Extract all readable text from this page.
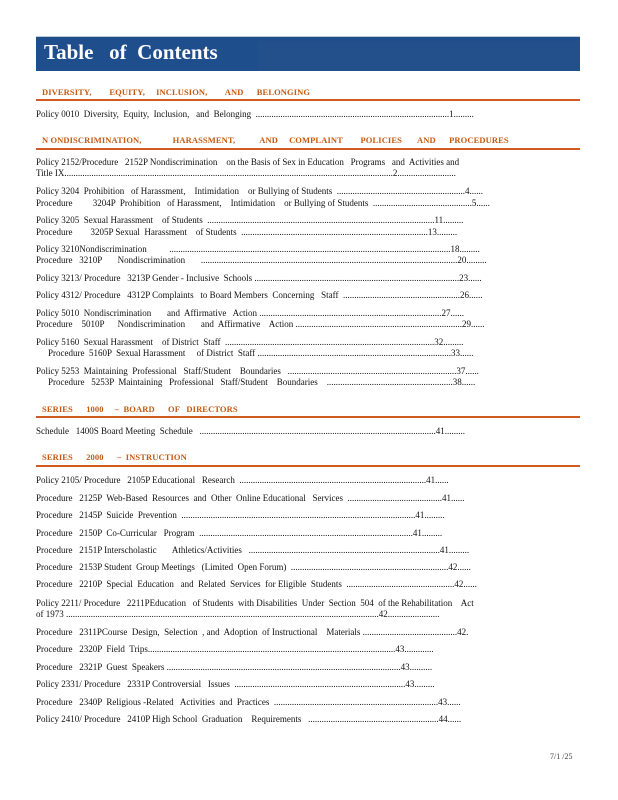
Table   of  Contents
DIVERSITY,        EQUITY,     INCLUSION,        AND      BELONGING
Policy 0010  Diversity,  Equity,  Inclusion,   and  Belonging  ......................................................................................1.........
N ONDISCRIMINATION,              HARASSMENT,           AND     COMPLAINT        POLICIES       AND      PROCEDURES
Policy 2152/Procedure   2152P Nondiscrimination    on the Basis of Sex in Education   Programs   and  Activities and
Title IX..................................................................................................................................................2..........................
Policy 3204  Prohibition   of Harassment,    Intimidation    or Bullying of Students  .........................................................4......
Procedure         3204P  Prohibition   of Harassment,    Intimidation    or Bullying of Students  ............................................5......
Policy 3205  Sexual Harassment    of Students  .....................................................................................................11.........
Procedure        3205P Sexual  Harassment    of Students  ...................................................................................13.........
Policy 3210Nondiscrimination          .............................................................................................................................18.........
Procedure   3210P       Nondiscrimination       ..................................................................................................................20.........
Policy 3213/ Procedure   3213P Gender - Inclusive  Schools ...........................................................................................23......
Policy 4312/ Procedure   4312P Complaints   to Board Members  Concerning   Staff  ....................................................26......
Policy 5010  Nondiscrimination       and  Affirmative   Action .................................................................................27......
Procedure    5010P      Nondiscrimination       and  Affirmative    Action ..........................................................................29......
Policy 5160  Sexual Harassment    of District  Staff  .............................................................................................32.........
Procedure  5160P  Sexual Harassment     of District  Staff ......................................................................................33......
Policy 5253  Maintaining  Professional   Staff/Student    Boundaries   ...........................................................................37......
Procedure   5253P  Maintaining   Professional   Staff/Student    Boundaries    ........................................................38......
SERIES      1000     –  BOARD      OF   DIRECTORS
Schedule   1400S Board Meeting  Schedule   .........................................................................................................41.........
SERIES      2000      –  INSTRUCTION
Policy 2105/ Procedure   2105P Educational   Research  ...................................................................................41......
Procedure   2125P  Web-Based  Resources  and  Other  Online Educational   Services  ..........................................41......
Procedure   2145P  Suicide  Prevention  ........................................................................................................41.........
Procedure   2150P  Co-Curricular   Program  ...............................................................................................41.........
Procedure   2151P Interscholastic       Athletics/Activities   .....................................................................................41.........
Procedure   2153P Student  Group Meetings   (Limited  Open Forum)  ......................................................................42......
Procedure   2210P  Special  Education   and  Related  Services  for Eligible  Students  ................................................42......
Policy 2211/ Procedure   2211PEducation   of Students  with Disabilities  Under  Section  504  of the Rehabilitation    Act
of 1973 ...........................................................................................................................................42.......................
Procedure   2311PCourse  Design,  Selection  , and  Adoption  of Instructional    Materials ..........................................42.
Procedure   2320P  Field  Trips..............................................................................................................43.............
Procedure   2321P  Guest  Speakers ........................................................................................................43..........
Policy 2331/ Procedure   2331P Controversial   Issues  ............................................................................43.........
Procedure   2340P  Religious -Related   Activities  and  Practices  .........................................................................43......
Policy 2410/ Procedure   2410P High School  Graduation    Requirements   ..........................................................44......
7/1 /25
